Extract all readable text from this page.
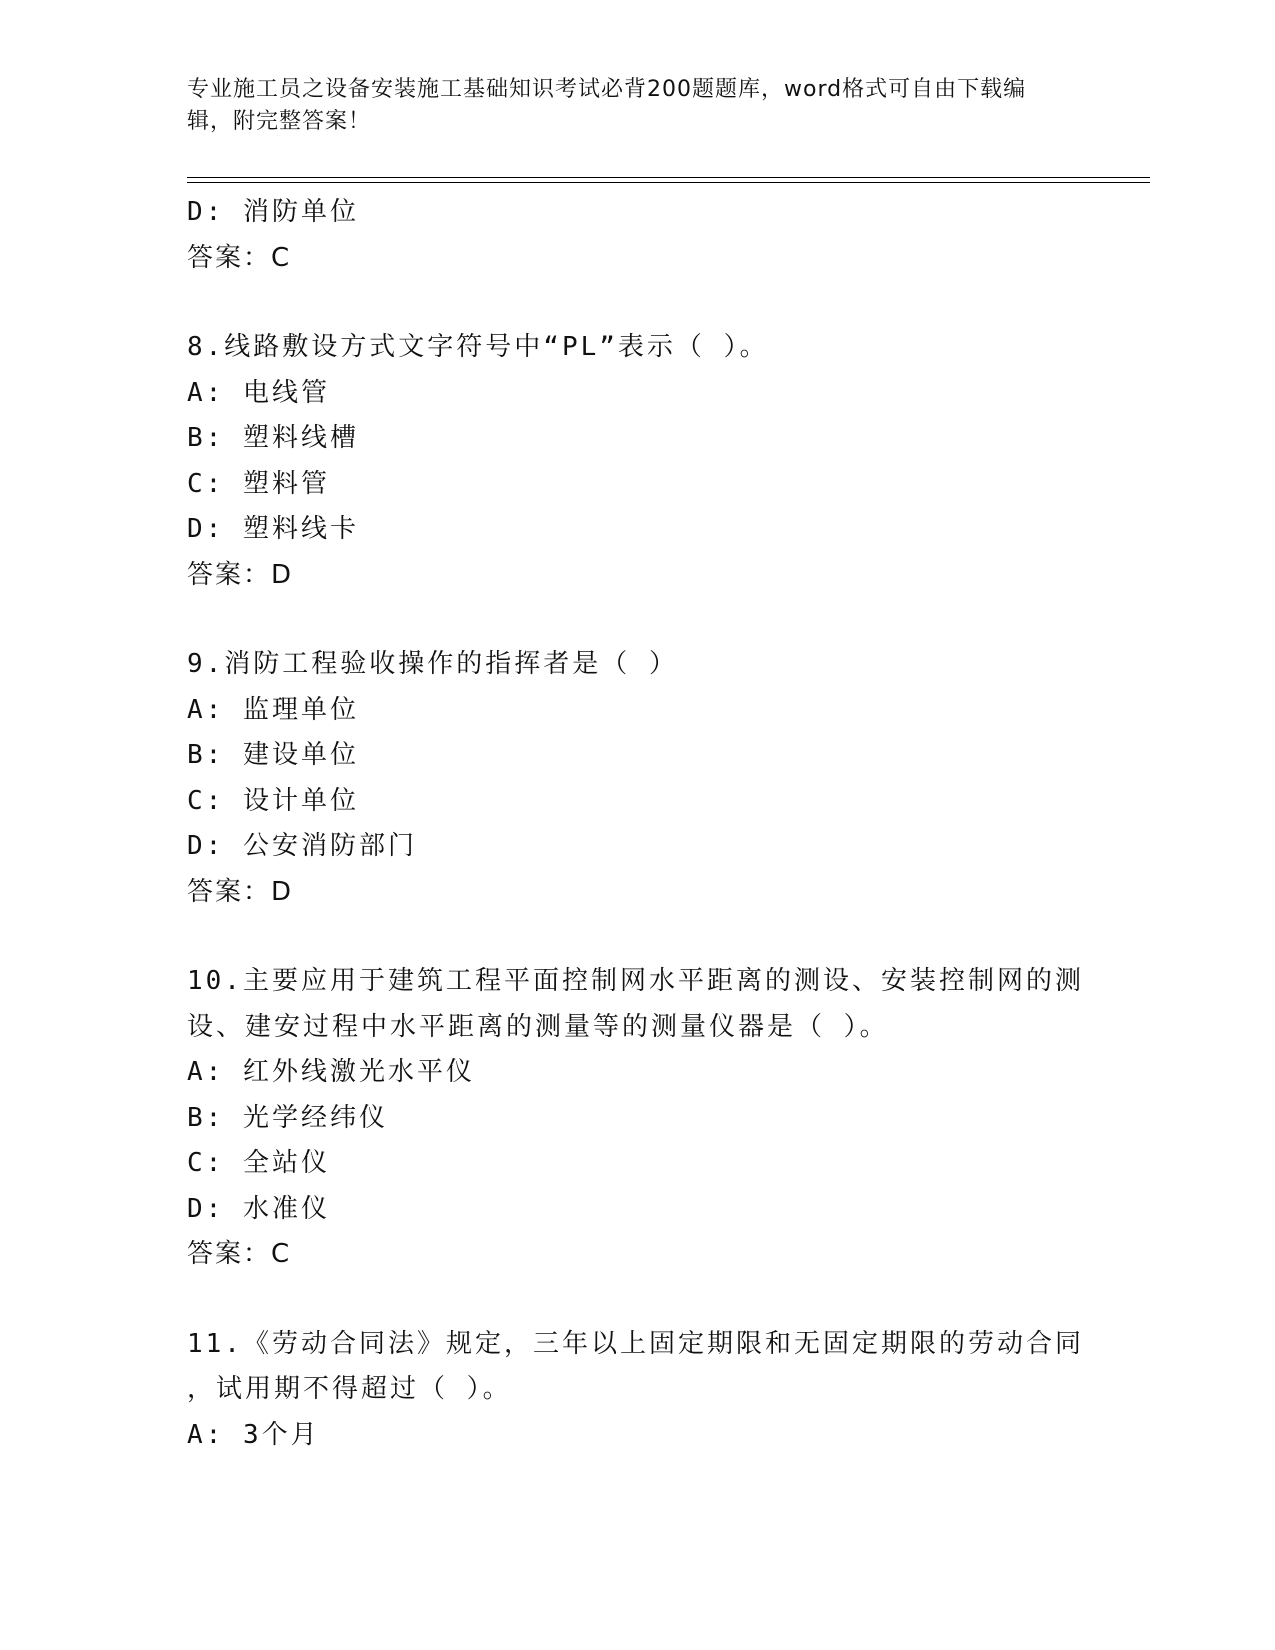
专业施工员之设备安装施工基础知识考试必背200题题库，word格式可自由下载编辑，附完整答案！
D: 消防单位
答案：C
8.线路敷设方式文字符号中“PL”表示（ ）。
A: 电线管
B: 塑料线槽
C: 塑料管
D: 塑料线卡
答案：D
9.消防工程验收操作的指挥者是（ ）
A: 监理单位
B: 建设单位
C: 设计单位
D: 公安消防部门
答案：D
10.主要应用于建筑工程平面控制网水平距离的测设、安装控制网的测
设、建安过程中水平距离的测量等的测量仪器是（ ）。
A: 红外线激光水平仪
B: 光学经纬仪
C: 全站仪
D: 水准仪
答案：C
11.《劳动合同法》规定，三年以上固定期限和无固定期限的劳动合同
，试用期不得超过（ ）。
A: 3个月
